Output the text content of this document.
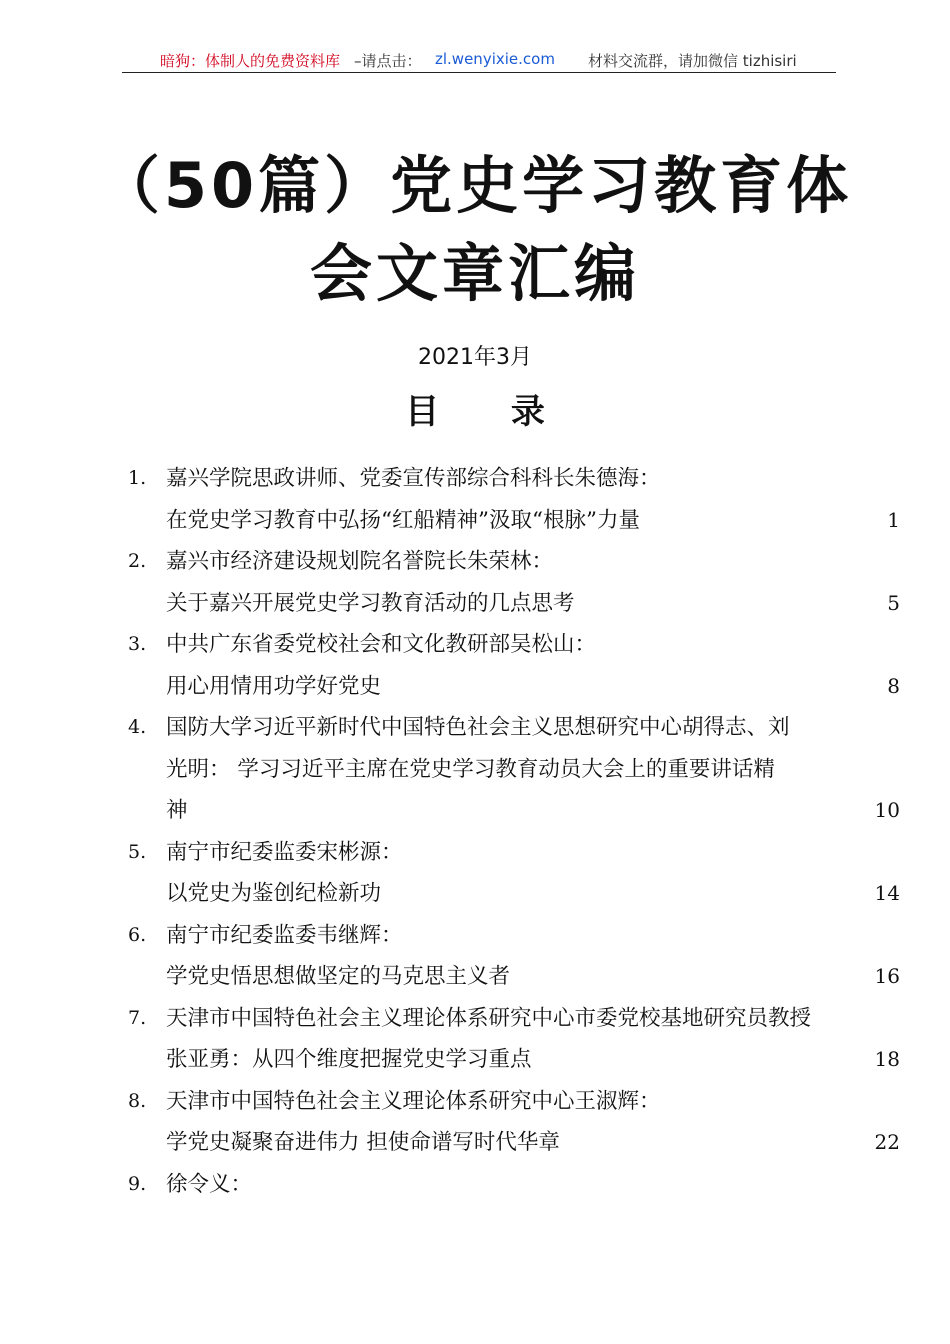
暗狗：体制人的免费资料库 –请点击： zl.wenyixie.com 材料交流群，请加微信 tizhisiri
（50篇）党史学习教育体
会文章汇编
2021年3月
目 录
1. 嘉兴学院思政讲师、党委宣传部综合科科长朱德海：
在党史学习教育中弘扬“红船精神”汲取“根脉”力量	1
2. 嘉兴市经济建设规划院名誉院长朱荣林：
关于嘉兴开展党史学习教育活动的几点思考	5
3. 中共广东省委党校社会和文化教研部吴松山：
用心用情用功学好党史	8
4. 国防大学习近平新时代中国特色社会主义思想研究中心胡得志、刘
光明： 学习习近平主席在党史学习教育动员大会上的重要讲话精
神	10
5. 南宁市纪委监委宋彬源：
以党史为鉴创纪检新功	14
6. 南宁市纪委监委韦继辉：
学党史悟思想做坚定的马克思主义者	16
7. 天津市中国特色社会主义理论体系研究中心市委党校基地研究员教授
张亚勇：从四个维度把握党史学习重点	18
8. 天津市中国特色社会主义理论体系研究中心王淑辉：
学党史凝聚奋进伟力 担使命谱写时代华章	22
9. 徐令义：
